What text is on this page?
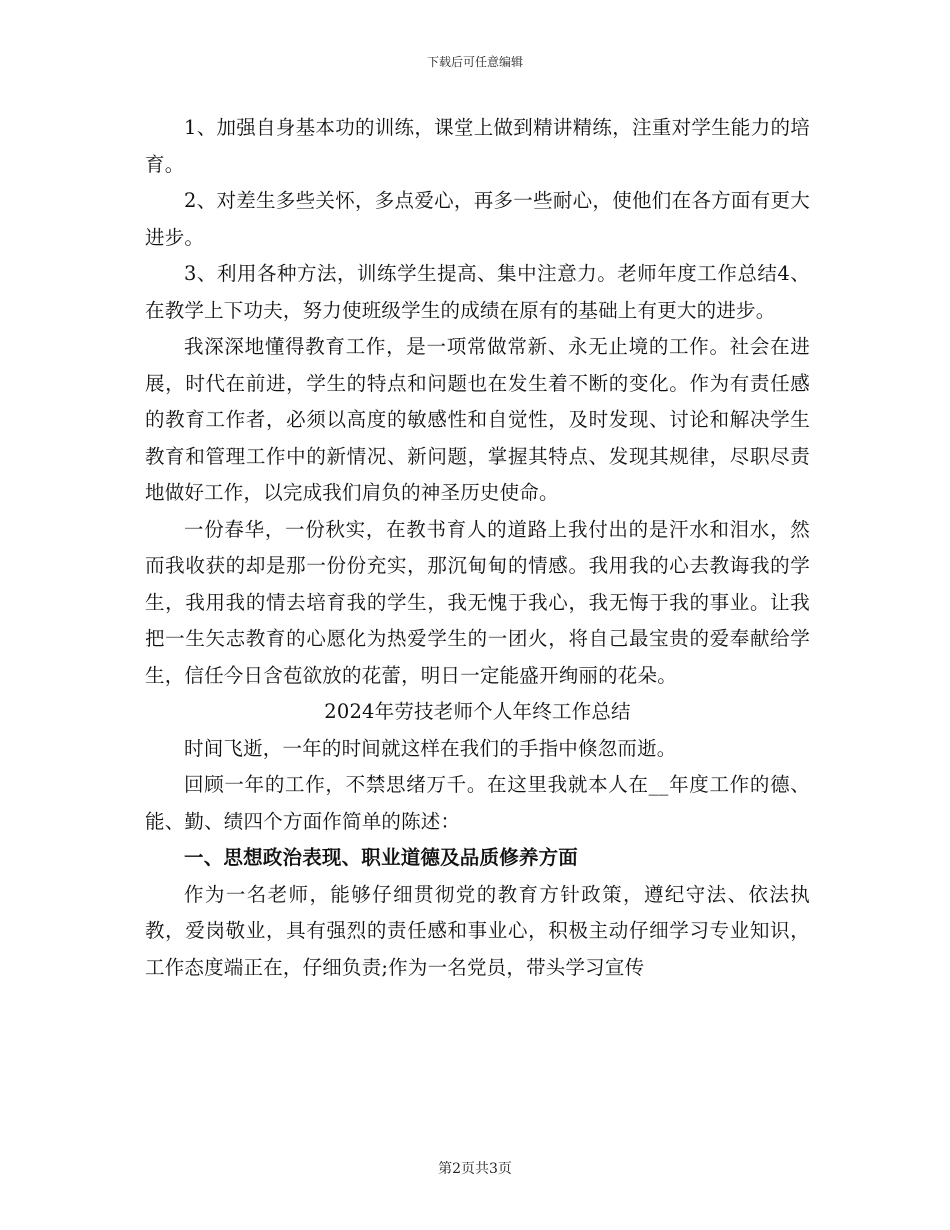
下载后可任意编辑

1、加强自身基本功的训练，课堂上做到精讲精练，注重对学生能力的培育。

2、对差生多些关怀，多点爱心，再多一些耐心，使他们在各方面有更大进步。

3、利用各种方法，训练学生提高、集中注意力。老师年度工作总结4、在教学上下功夫，努力使班级学生的成绩在原有的基础上有更大的进步。

我深深地懂得教育工作，是一项常做常新、永无止境的工作。社会在进展，时代在前进，学生的特点和问题也在发生着不断的变化。作为有责任感的教育工作者，必须以高度的敏感性和自觉性，及时发现、讨论和解决学生教育和管理工作中的新情况、新问题，掌握其特点、发现其规律，尽职尽责地做好工作，以完成我们肩负的神圣历史使命。

一份春华，一份秋实，在教书育人的道路上我付出的是汗水和泪水，然而我收获的却是那一份份充实，那沉甸甸的情感。我用我的心去教诲我的学生，我用我的情去培育我的学生，我无愧于我心，我无悔于我的事业。让我把一生矢志教育的心愿化为热爱学生的一团火，将自己最宝贵的爱奉献给学生，信任今日含苞欲放的花蕾，明日一定能盛开绚丽的花朵。

2024年劳技老师个人年终工作总结

时间飞逝，一年的时间就这样在我们的手指中倏忽而逝。

回顾一年的工作，不禁思绪万千。在这里我就本人在__年度工作的德、能、勤、绩四个方面作简单的陈述：

一、思想政治表现、职业道德及品质修养方面

作为一名老师，能够仔细贯彻党的教育方针政策，遵纪守法、依法执教，爱岗敬业，具有强烈的责任感和事业心，积极主动仔细学习专业知识，工作态度端正在，仔细负责;作为一名党员，带头学习宣传

第2页共3页
